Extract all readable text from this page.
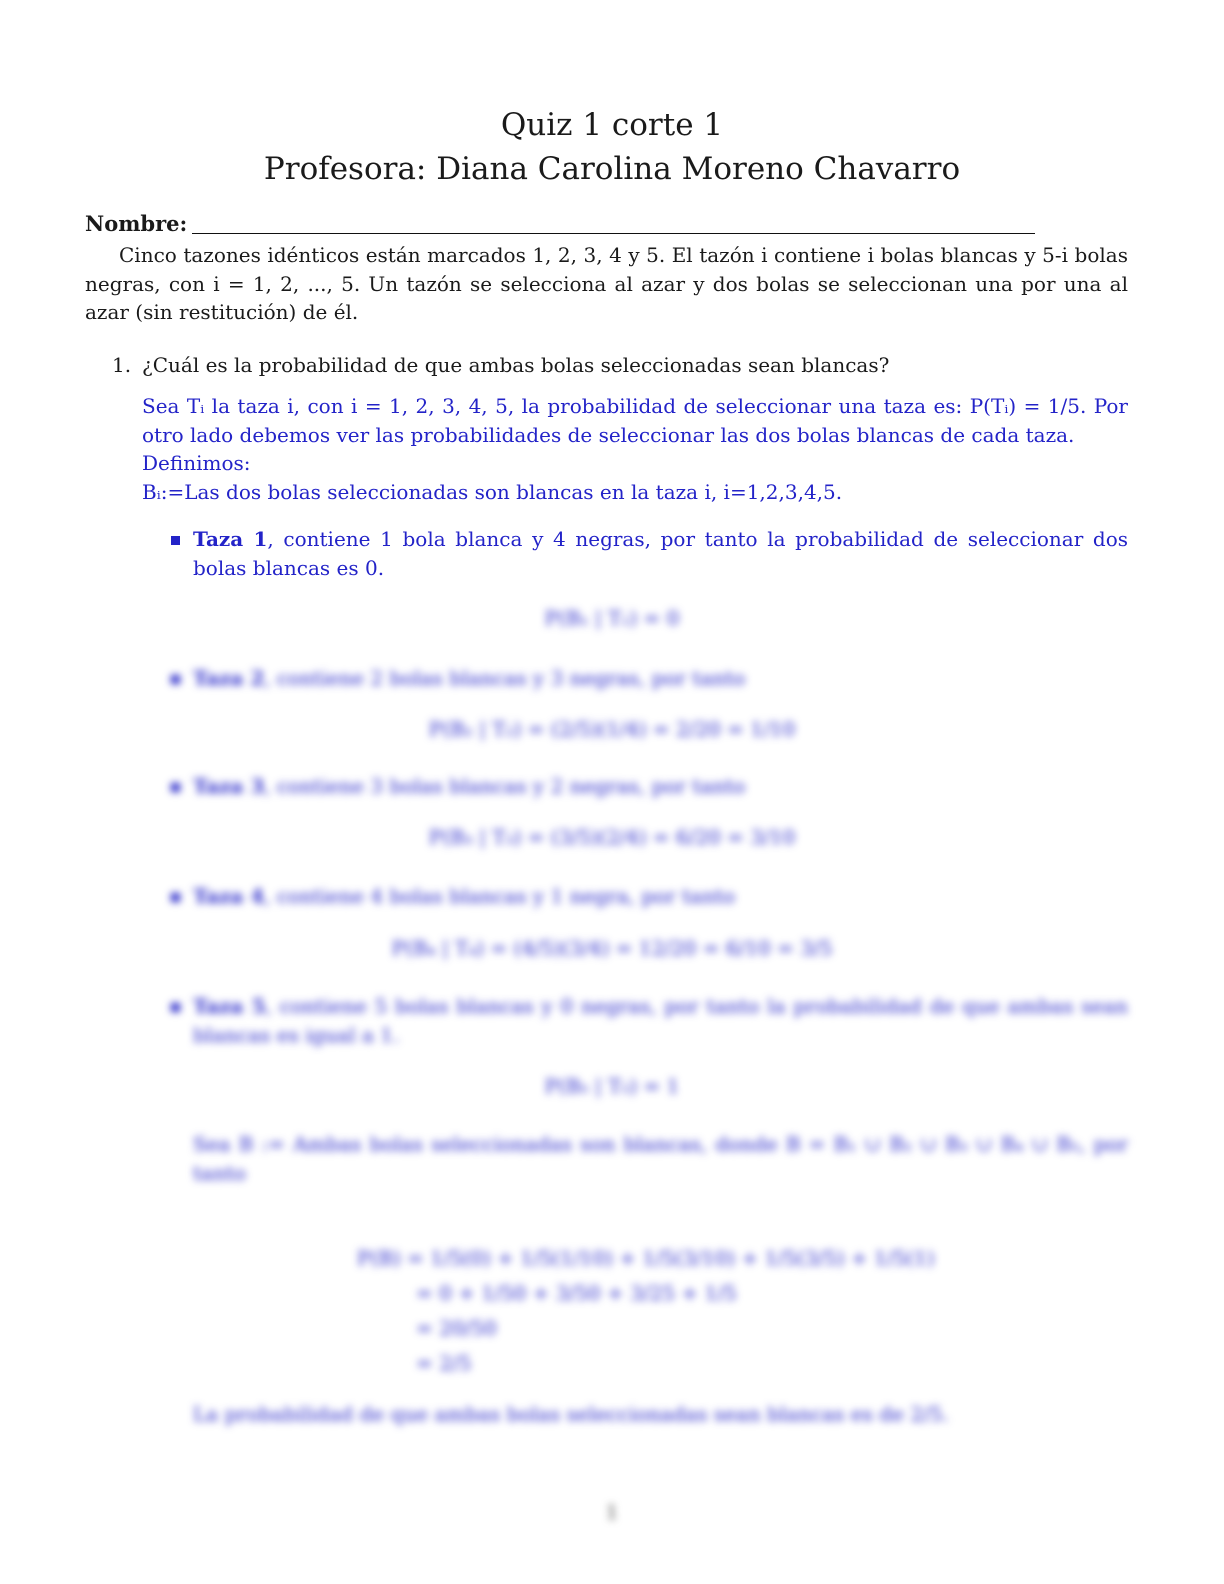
Quiz 1 corte 1
Profesora: Diana Carolina Moreno Chavarro
Nombre:

Cinco tazones idénticos están marcados 1, 2, 3, 4 y 5. El tazón i contiene i bolas blancas y 5-i bolas negras, con i = 1, 2, ..., 5. Un tazón se selecciona al azar y dos bolas se seleccionan una por una al azar (sin restitución) de él.

1. ¿Cuál es la probabilidad de que ambas bolas seleccionadas sean blancas?

Sea Tᵢ la taza i, con i = 1, 2, 3, 4, 5, la probabilidad de seleccionar una taza es: P(Tᵢ) = 1/5. Por otro lado debemos ver las probabilidades de seleccionar las dos bolas blancas de cada taza.

Definimos:

Bᵢ:=Las dos bolas seleccionadas son blancas en la taza i, i=1,2,3,4,5.

Taza 1, contiene 1 bola blanca y 4 negras, por tanto la probabilidad de seleccionar dos bolas blancas es 0.

P(B₁ | T₁) = 0

Taza 2, contiene 2 bolas blancas y 3 negras, por tanto

P(B₂ | T₂) = (2/5)(1/4) = 2/20 = 1/10

Taza 3, contiene 3 bolas blancas y 2 negras, por tanto

P(B₃ | T₃) = (3/5)(2/4) = 6/20 = 3/10

Taza 4, contiene 4 bolas blancas y 1 negra, por tanto

P(B₄ | T₄) = (4/5)(3/4) = 12/20 = 6/10 = 3/5

Taza 5, contiene 5 bolas blancas y 0 negras, por tanto la probabilidad de que ambas sean blancas es igual a 1.

P(B₅ | T₅) = 1

Sea B := Ambas bolas seleccionadas son blancas, donde B = B₁ ∪ B₂ ∪ B₃ ∪ B₄ ∪ B₅, por tanto

P(B) = 1/5(0) + 1/5(1/10) + 1/5(3/10) + 1/5(3/5) + 1/5(1)
= 0 + 1/50 + 3/50 + 3/25 + 1/5
= 20/50
= 2/5

La probabilidad de que ambas bolas seleccionadas sean blancas es de 2/5.

1
